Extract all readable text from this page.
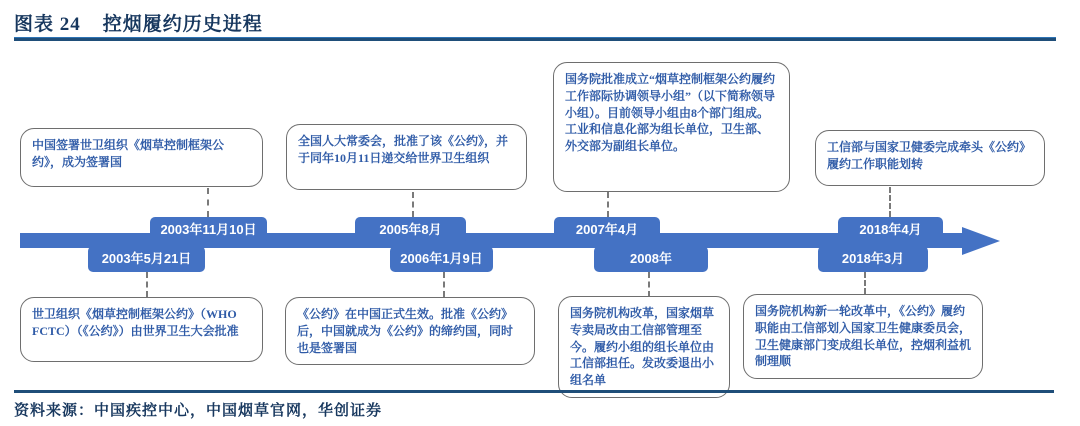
图表 24 控烟履约历史进程
中国签署世卫组织《烟草控制框架公约》，成为签署国
全国人大常委会，批准了该《公约》，并于同年10月11日递交给世界卫生组织
国务院批准成立“烟草控制框架公约履约工作部际协调领导小组”（以下简称领导小组）。目前领导小组由8个部门组成。工业和信息化部为组长单位，卫生部、外交部为副组长单位。	工信部与国家卫健委完成牵头《公约》履约工作职能划转
2003年11月10日	2005年8月	2007年4月	2018年4月
2003年5月21日	2006年1月9日	2008年	2018年3月
世卫组织《烟草控制框架公约》（WHO FCTC）（《公约》）由世界卫生大会批准
《公约》在中国正式生效。批准《公约》后，中国就成为《公约》的缔约国，同时也是签署国
国务院机构改革，国家烟草专卖局改由工信部管理至今。履约小组的组长单位由工信部担任。发改委退出小组名单
国务院机构新一轮改革中，《公约》履约职能由工信部划入国家卫生健康委员会，卫生健康部门变成组长单位，控烟利益机制理顺
资料来源：中国疾控中心，中国烟草官网，华创证券
